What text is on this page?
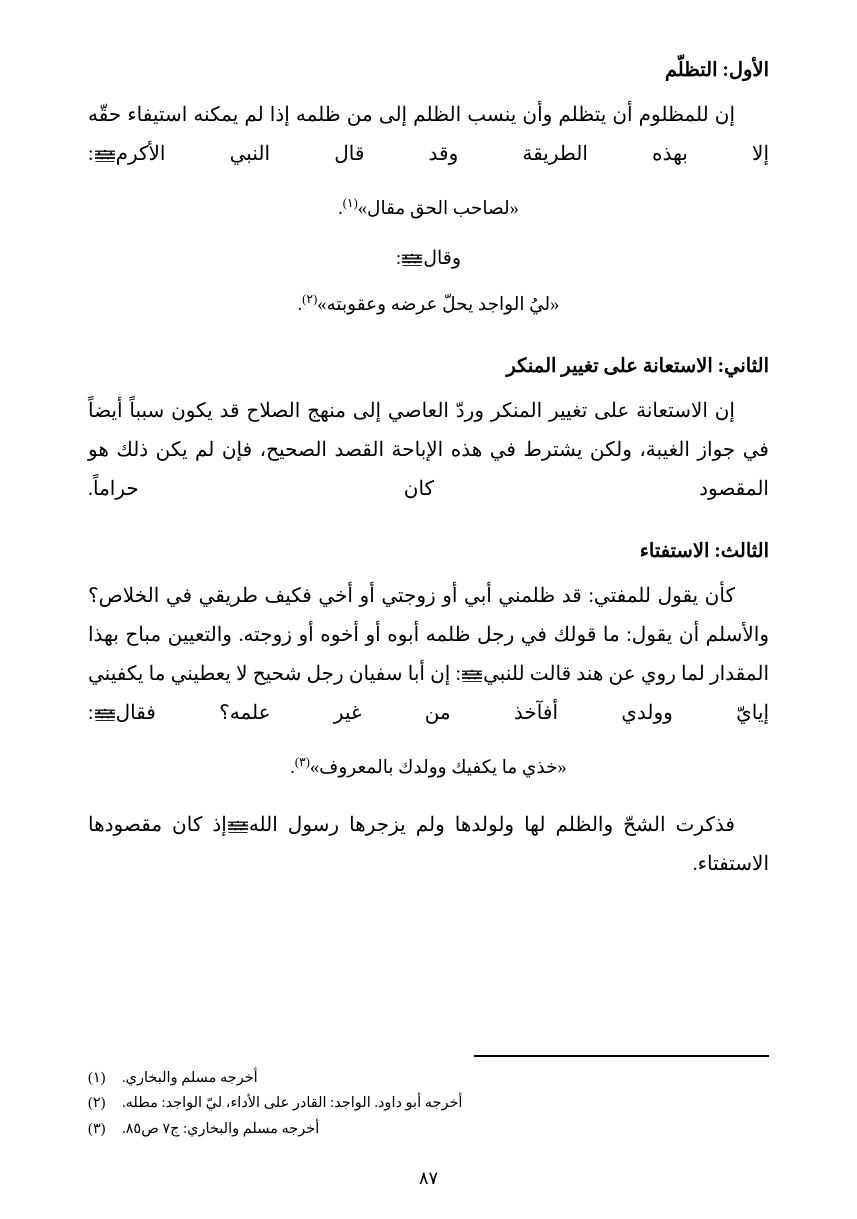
الأول: التظلّم

إن للمظلوم أن يتظلم وأن ينسب الظلم إلى من ظلمه إذا لم يمكنه استيفاء حقّه إلا بهذه الطريقة وقد قال النبي الأكرم:

«لصاحب الحق مقال»$^{(١)}$.
وقال:
«ليُ الواجد يحلّ عرضه وعقوبته»$^{(٢)}$.
الثاني: الاستعانة على تغيير المنكر

إن الاستعانة على تغيير المنكر وردّ العاصي إلى منهج الصلاح قد يكون سبباً أيضاً في جواز الغيبة، ولكن يشترط في هذه الإباحة القصد الصحيح، فإن لم يكن ذلك هو المقصود كان حراماً.

الثالث: الاستفتاء

كأن يقول للمفتي: قد ظلمني أبي أو زوجتي أو أخي فكيف طريقي في الخلاص؟ والأسلم أن يقول: ما قولك في رجل ظلمه أبوه أو أخوه أو زوجته. والتعيين مباح بهذا المقدار لما روي عن هند قالت للنبي: إن أبا سفيان رجل شحيح لا يعطيني ما يكفيني إيايّ وولدي أفآخذ من غير علمه؟ فقال:

«خذي ما يكفيك وولدك بالمعروف»$^{(٣)}$.

فذكرت الشحّ والظلم لها ولولدها ولم يزجرها رسول اللهإذ كان مقصودها الاستفتاء.

أخرجه مسلم والبخاري.
(١)
أخرجه أبو داود. الواجد: القادر على الأداء، ليّ الواجد: مطله.
(٢)
أخرجه مسلم والبخاري: ج٧ ص٨٥.
(٣)
٨٧
